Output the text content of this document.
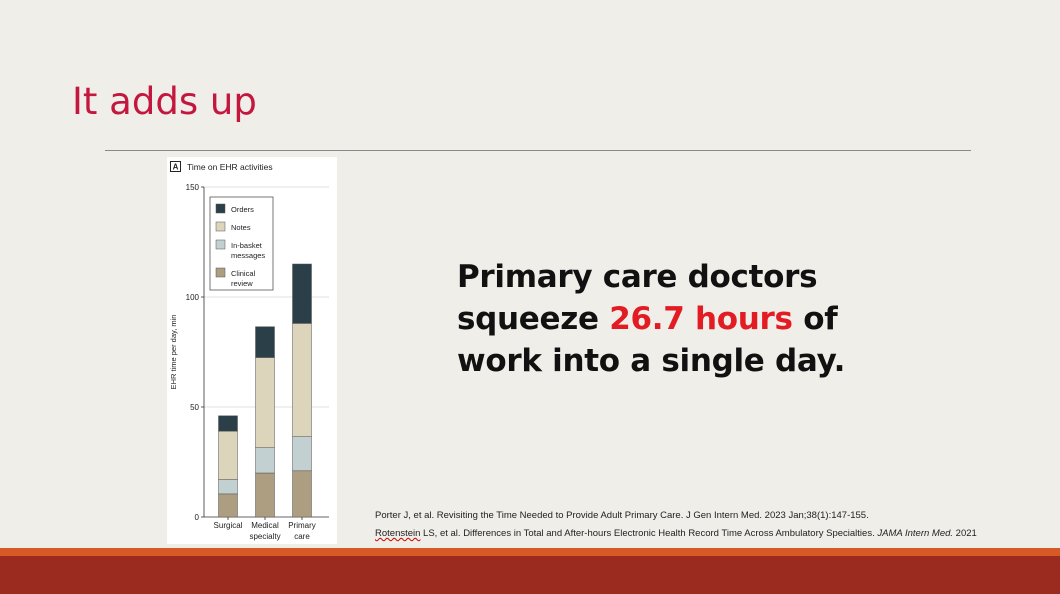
It adds up
A Time on EHR activities
0
50
100
150
EHR time per day, min
Surgical Medical
specialty
Primary
care
Orders
Notes
In-basket
messages
Clinical
review	Primary care doctors squeeze 26.7 hours of work into a single day.
Porter J, et al. Revisiting the Time Needed to Provide Adult Primary Care. J Gen Intern Med. 2023 Jan;38(1):147-155.
Rotenstein LS, et al. Differences in Total and After-hours Electronic Health Record Time Across Ambulatory Specialties. JAMA Intern Med. 2021
